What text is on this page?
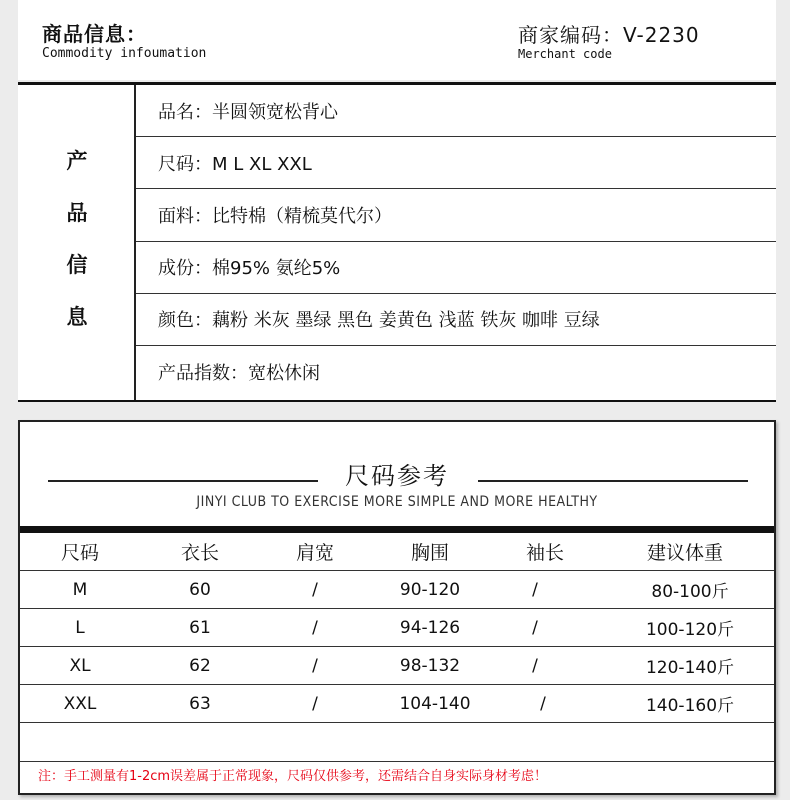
商品信息：
Commodity infoumation
商家编码：V-2230
Merchant code
产
品
信
息
品名：半圆领宽松背心
尺码：M L XL XXL
面料：比特棉（精梳莫代尔）
成份：棉95% 氨纶5%
颜色：藕粉 米灰 墨绿 黑色 姜黄色 浅蓝 铁灰 咖啡 豆绿
产品指数：宽松休闲
尺码参考
JINYI CLUB TO EXERCISE MORE SIMPLE AND MORE HEALTHY
尺码	衣长	肩宽	胸围	袖长	建议体重
M	60	/	90-120	/	80-100斤
L	61	/	94-126	/	100-120斤
XL	62	/	98-132	/	120-140斤
XXL	63	/	104-140	/	140-160斤
注：手工测量有1-2cm误差属于正常现象，尺码仅供参考，还需结合自身实际身材考虑！
